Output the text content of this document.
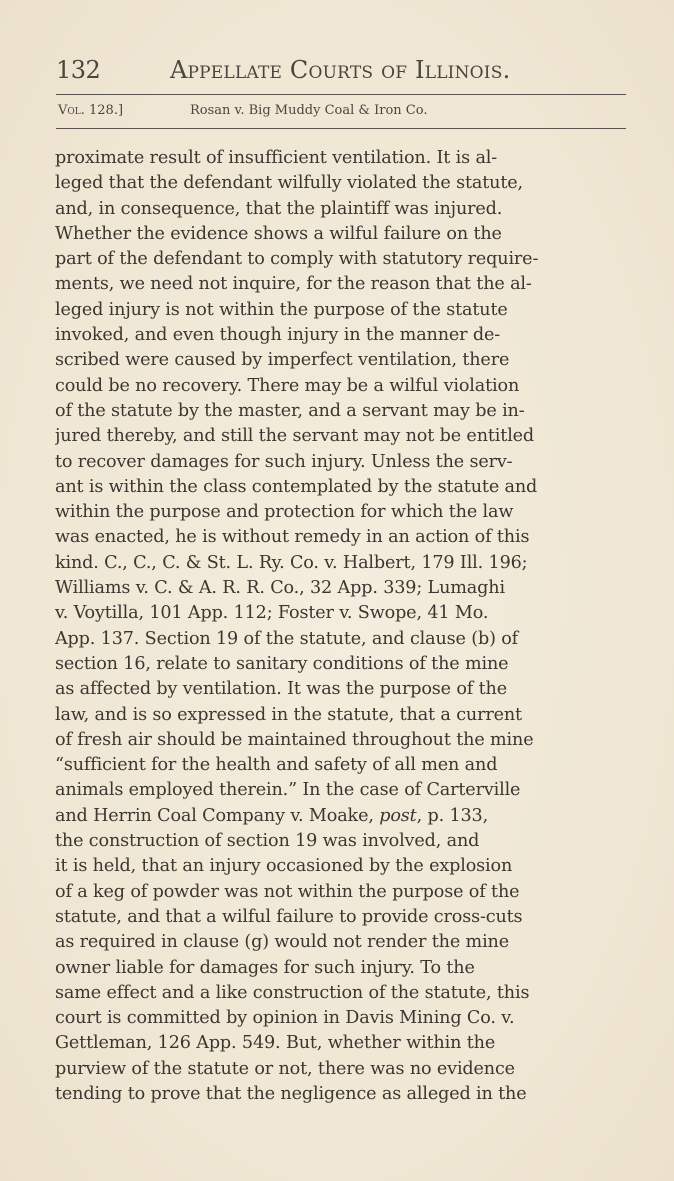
132	Appellate Courts of Illinois.
Vol. 128.]	Rosan v. Big Muddy Coal & Iron Co.
proximate result of insufficient ventilation. It is al-
leged that the defendant wilfully violated the statute,
and, in consequence, that the plaintiff was injured.
Whether the evidence shows a wilful failure on the
part of the defendant to comply with statutory require-
ments, we need not inquire, for the reason that the al-
leged injury is not within the purpose of the statute
invoked, and even though injury in the manner de-
scribed were caused by imperfect ventilation, there
could be no recovery. There may be a wilful violation
of the statute by the master, and a servant may be in-
jured thereby, and still the servant may not be entitled
to recover damages for such injury. Unless the serv-
ant is within the class contemplated by the statute and
within the purpose and protection for which the law
was enacted, he is without remedy in an action of this
kind. C., C., C. & St. L. Ry. Co. v. Halbert, 179 Ill. 196;
Williams v. C. & A. R. R. Co., 32 App. 339; Lumaghi
v. Voytilla, 101 App. 112; Foster v. Swope, 41 Mo.
App. 137. Section 19 of the statute, and clause (b) of
section 16, relate to sanitary conditions of the mine
as affected by ventilation. It was the purpose of the
law, and is so expressed in the statute, that a current
of fresh air should be maintained throughout the mine
“sufficient for the health and safety of all men and
animals employed therein.” In the case of Carterville
and Herrin Coal Company v. Moake, post, p. 133,
the construction of section 19 was involved, and
it is held, that an injury occasioned by the explosion
of a keg of powder was not within the purpose of the
statute, and that a wilful failure to provide cross-cuts
as required in clause (g) would not render the mine
owner liable for damages for such injury. To the
same effect and a like construction of the statute, this
court is committed by opinion in Davis Mining Co. v.
Gettleman, 126 App. 549. But, whether within the
purview of the statute or not, there was no evidence
tending to prove that the negligence as alleged in the
